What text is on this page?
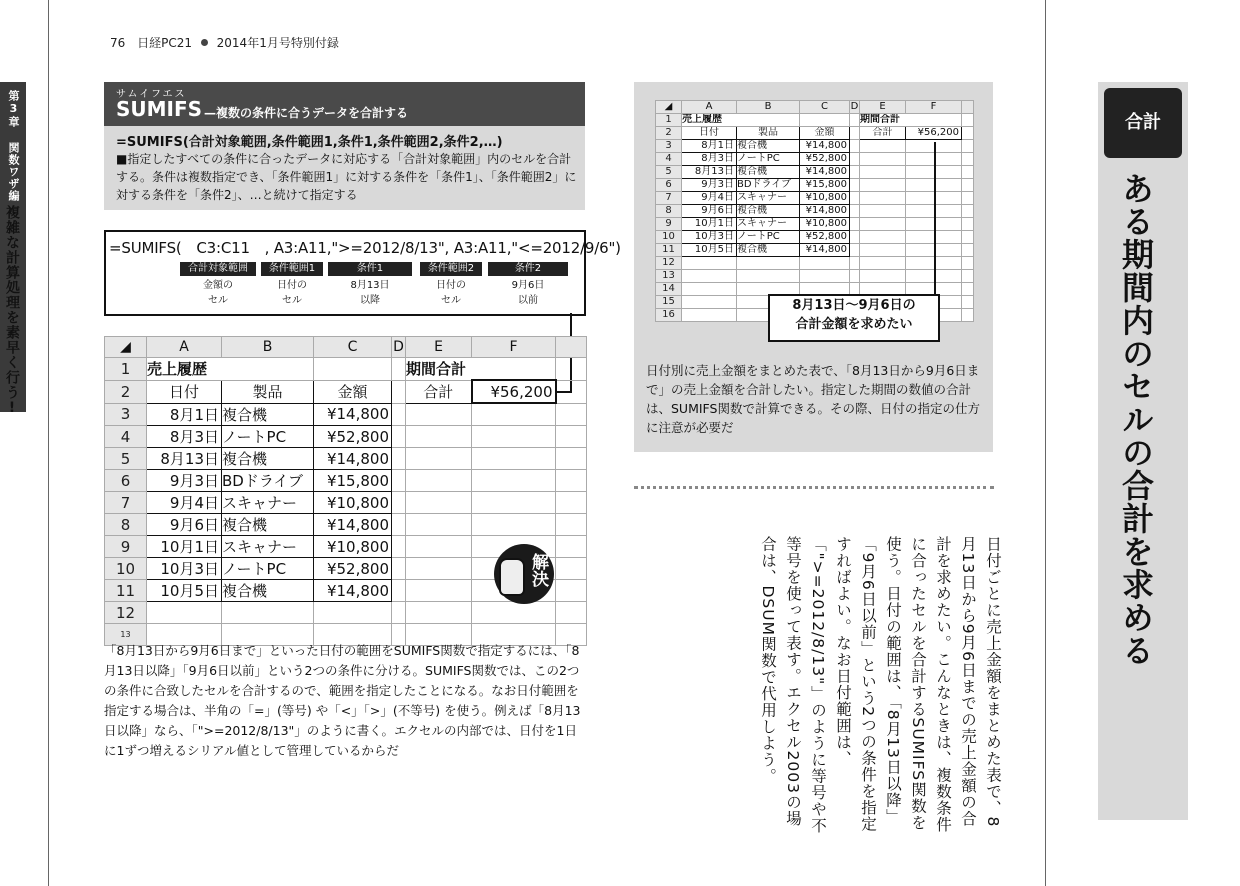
76 日経PC21 2014年1月号特別付録
第3章 関数ワザ編
複雑な計算処理を素早く行う!
サムイフエス
SUMIFS —複数の条件に合うデータを合計する
=SUMIFS(合計対象範囲,条件範囲1,条件1,条件範囲2,条件2,…)
■指定したすべての条件に合ったデータに対応する「合計対象範囲」内のセルを合計する。条件は複数指定でき、「条件範囲1」に対する条件を「条件1」、「条件範囲2」に対する条件を「条件2」、…と続けて指定する
=SUMIFS(　C3:C11　, A3:A11,">=2012/8/13", A3:A11,"<=2012/9/6")
合計対象範囲	条件範囲1	条件1	条件範囲2	条件2
金額の
セル
日付の
セル
8月13日
以降
日付の
セル
9月6日
以前
◢	A	B	C	D	E	F	
1	売上履歴				期間合計		
2	日付	製品	金額		合計	¥56,200	
3	8月1日	複合機	¥14,800				
4	8月3日	ノートPC	¥52,800				
5	8月13日	複合機	¥14,800				
6	9月3日	BDドライブ	¥15,800				
7	9月4日	スキャナー	¥10,800				
8	9月6日	複合機	¥14,800				
9	10月1日	スキャナー	¥10,800				
10	10月3日	ノートPC	¥52,800				
11	10月5日	複合機	¥14,800				
12							
13							
解決
「8月13日から9月6日まで」といった日付の範囲をSUMIFS関数で指定するには、「8月13日以降」「9月6日以前」という2つの条件に分ける。SUMIFS関数では、この2つの条件に合致したセルを合計するので、範囲を指定したことになる。なお日付範囲を指定する場合は、半角の「=」(等号) や「<」「>」(不等号) を使う。例えば「8月13日以降」なら、「">=2012/8/13"」のように書く。エクセルの内部では、日付を1日に1ずつ増えるシリアル値として管理しているからだ
◢	A	B	C	D	E	F	
1	売上履歴				期間合計		
2	日付	製品	金額		合計	¥56,200	
3	8月1日	複合機	¥14,800				
4	8月3日	ノートPC	¥52,800				
5	8月13日	複合機	¥14,800				
6	9月3日	BDドライブ	¥15,800				
7	9月4日	スキャナー	¥10,800				
8	9月6日	複合機	¥14,800				
9	10月1日	スキャナー	¥10,800				
10	10月3日	ノートPC	¥52,800				
11	10月5日	複合機	¥14,800				
12							
13							
14							
15							
16							
8月13日〜9月6日の
合計金額を求めたい
日付別に売上金額をまとめた表で、「8月13日から9月6日まで」の売上金額を合計したい。指定した期間の数値の合計は、SUMIFS関数で計算できる。その際、日付の指定の仕方に注意が必要だ
日付ごとに売上金額をまとめた表で、8月13日から9月6日までの売上金額の合計を求めたい。こんなときは、複数条件に合ったセルを合計するSUMIFS関数を使う。日付の範囲は、「8月13日以降」「9月6日以前」という2つの条件を指定すればよい。なお日付範囲は、「">=2012/8/13"」のように等号や不等号を使って表す。エクセル2003の場合は、DSUM関数で代用しよう。
合計
ある期間内のセルの合計を求める
